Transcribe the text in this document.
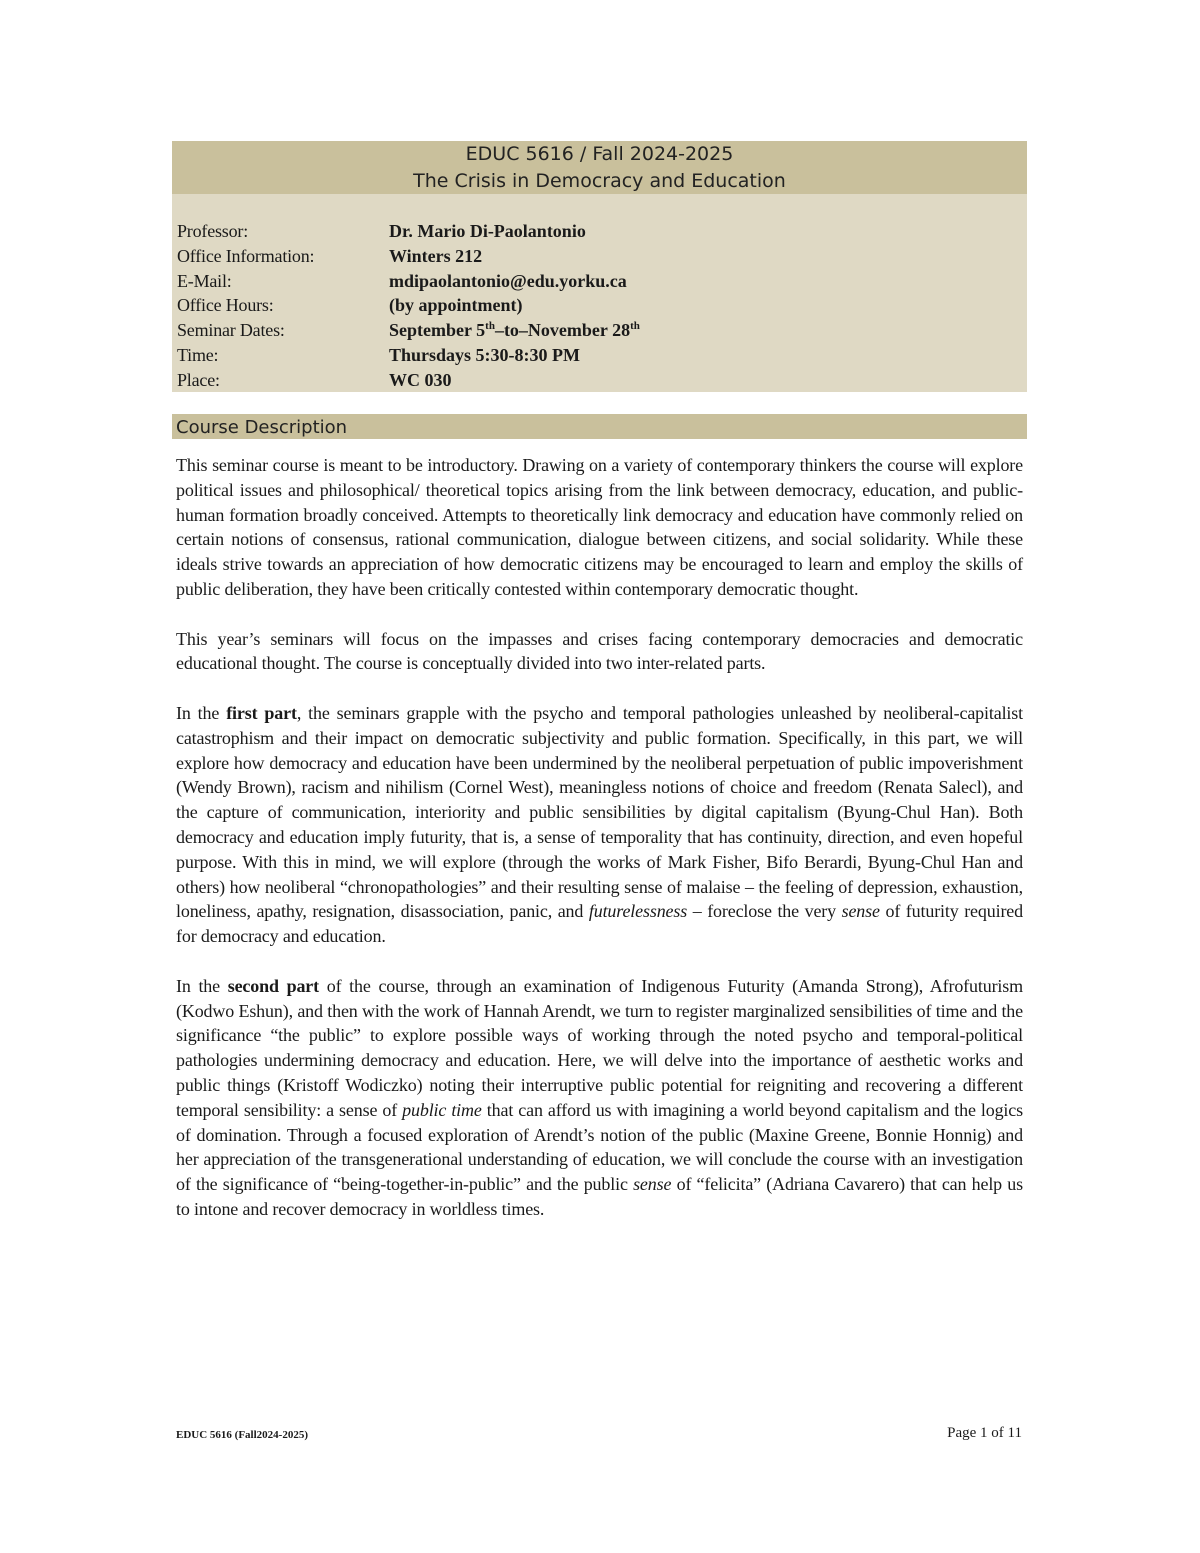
EDUC 5616 / Fall 2024-2025
The Crisis in Democracy and Education
Professor:	Dr. Mario Di-Paolantonio
Office Information:	Winters 212
E-Mail:	mdipaolantonio@edu.yorku.ca
Office Hours:	(by appointment)
Seminar Dates:	September 5th–to–November 28th
Time:	Thursdays 5:30-8:30 PM
Place:	WC 030
Course Description

This seminar course is meant to be introductory. Drawing on a variety of contemporary thinkers the course will explore political issues and philosophical/ theoretical topics arising from the link between democracy, education, and public-human formation broadly conceived. Attempts to theoretically link democracy and education have commonly relied on certain notions of consensus, rational communication, dialogue between citizens, and social solidarity. While these ideals strive towards an appreciation of how democratic citizens may be encouraged to learn and employ the skills of public deliberation, they have been critically contested within contemporary democratic thought.

This year’s seminars will focus on the impasses and crises facing contemporary democracies and democratic educational thought. The course is conceptually divided into two inter-related parts.

In the first part, the seminars grapple with the psycho and temporal pathologies unleashed by neoliberal-capitalist catastrophism and their impact on democratic subjectivity and public formation. Specifically, in this part, we will explore how democracy and education have been undermined by the neoliberal perpetuation of public impoverishment (Wendy Brown), racism and nihilism (Cornel West), meaningless notions of choice and freedom (Renata Salecl), and the capture of communication, interiority and public sensibilities by digital capitalism (Byung-Chul Han). Both democracy and education imply futurity, that is, a sense of temporality that has continuity, direction, and even hopeful purpose. With this in mind, we will explore (through the works of Mark Fisher, Bifo Berardi, Byung-Chul Han and others) how neoliberal “chronopathologies” and their resulting sense of malaise – the feeling of depression, exhaustion, loneliness, apathy, resignation, disassociation, panic, and futurelessness – foreclose the very sense of futurity required for democracy and education.

In the second part of the course, through an examination of Indigenous Futurity (Amanda Strong), Afrofuturism (Kodwo Eshun), and then with the work of Hannah Arendt, we turn to register marginalized sensibilities of time and the significance “the public” to explore possible ways of working through the noted psycho and temporal-political pathologies undermining democracy and education. Here, we will delve into the importance of aesthetic works and public things (Kristoff Wodiczko) noting their interruptive public potential for reigniting and recovering a different temporal sensibility: a sense of public time that can afford us with imagining a world beyond capitalism and the logics of domination. Through a focused exploration of Arendt’s notion of the public (Maxine Greene, Bonnie Honnig) and her appreciation of the transgenerational understanding of education, we will conclude the course with an investigation of the significance of “being-together-in-public” and the public sense of “felicita” (Adriana Cavarero) that can help us to intone and recover democracy in worldless times.

EDUC 5616 (Fall2024-2025)	Page 1 of 11
